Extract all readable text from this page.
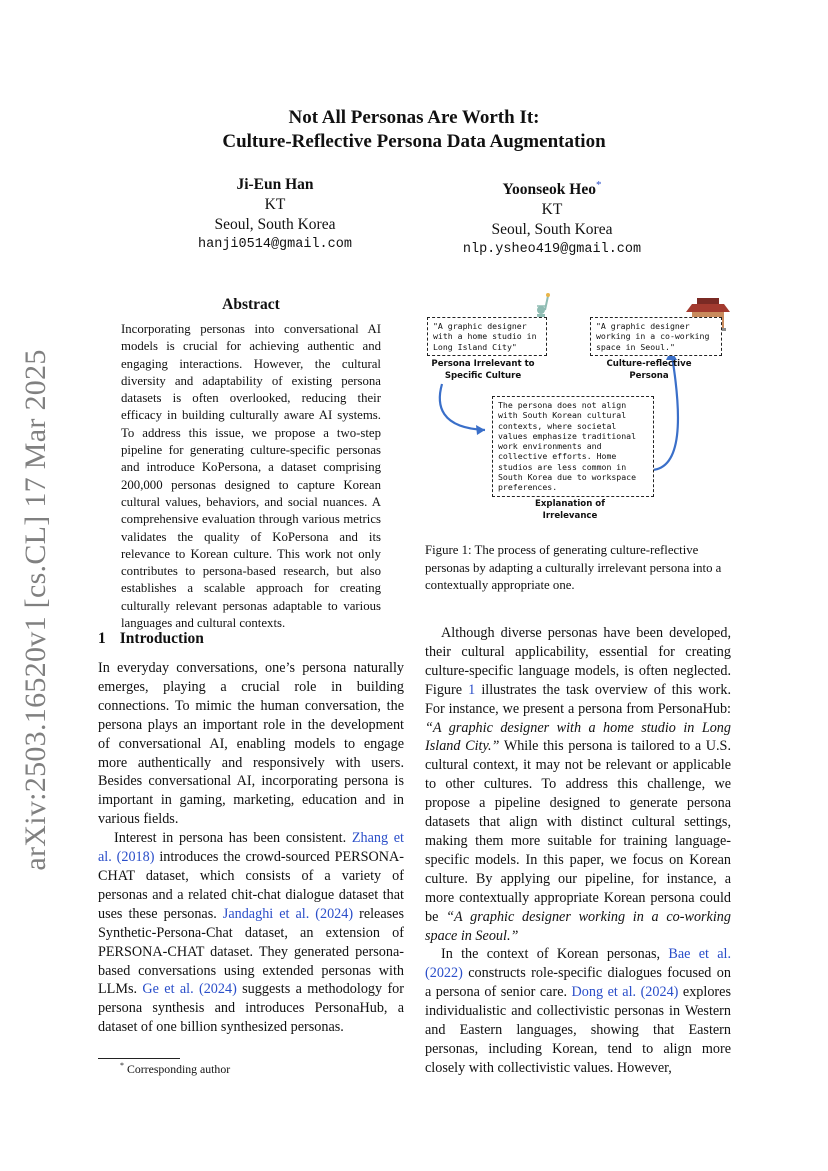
arXiv:2503.16520v1 [cs.CL] 17 Mar 2025
Not All Personas Are Worth It:
Culture-Reflective Persona Data Augmentation
Ji-Eun Han
KT
Seoul, South Korea
hanji0514@gmail.com
Yoonseok Heo*
KT
Seoul, South Korea
nlp.ysheo419@gmail.com
Abstract
Incorporating personas into conversational AI models is crucial for achieving authentic and engaging interactions. However, the cultural diversity and adaptability of existing persona datasets is often overlooked, reducing their efficacy in building culturally aware AI systems. To address this issue, we propose a two-step pipeline for generating culture-specific personas and introduce KoPersona, a dataset comprising 200,000 personas designed to capture Korean cultural values, behaviors, and social nuances. A comprehensive evaluation through various metrics validates the quality of KoPersona and its relevance to Korean culture. This work not only contributes to persona-based research, but also establishes a scalable approach for creating culturally relevant personas adaptable to various languages and cultural contexts.
1 Introduction

In everyday conversations, one’s persona naturally emerges, playing a crucial role in building connections. To mimic the human conversation, the persona plays an important role in the development of conversational AI, enabling models to engage more authentically and responsively with users. Besides conversational AI, incorporating persona is important in gaming, marketing, education and in various fields.

Interest in persona has been consistent. Zhang et al. (2018) introduces the crowd-sourced PERSONA-CHAT dataset, which consists of a variety of personas and a related chit-chat dialogue dataset that uses these personas. Jandaghi et al. (2024) releases Synthetic-Persona-Chat dataset, an extension of PERSONA-CHAT dataset. They generated persona-based conversations using extended personas with LLMs. Ge et al. (2024) suggests a methodology for persona synthesis and introduces PersonaHub, a dataset of one billion synthesized personas.

* Corresponding author
"A graphic designer with a home studio in Long Island City"
"A graphic designer working in a co-working space in Seoul."
Persona Irrelevant to Specific Culture
Culture-reflective Persona
The persona does not align with South Korean cultural contexts, where societal values emphasize traditional work environments and collective efforts. Home studios are less common in South Korea due to workspace preferences.
Explanation of Irrelevance
Figure 1: The process of generating culture-reflective personas by adapting a culturally irrelevant persona into a contextually appropriate one.

Although diverse personas have been developed, their cultural applicability, essential for creating culture-specific language models, is often neglected. Figure 1 illustrates the task overview of this work. For instance, we present a persona from PersonaHub: “A graphic designer with a home studio in Long Island City.” While this persona is tailored to a U.S. cultural context, it may not be relevant or applicable to other cultures. To address this challenge, we propose a pipeline designed to generate persona datasets that align with distinct cultural settings, making them more suitable for training language-specific models. In this paper, we focus on Korean culture. By applying our pipeline, for instance, a more contextually appropriate Korean persona could be “A graphic designer working in a co-working space in Seoul.”

In the context of Korean personas, Bae et al. (2022) constructs role-specific dialogues focused on a persona of senior care. Dong et al. (2024) explores individualistic and collectivistic personas in Western and Eastern languages, showing that Eastern personas, including Korean, tend to align more closely with collectivistic values. However,
